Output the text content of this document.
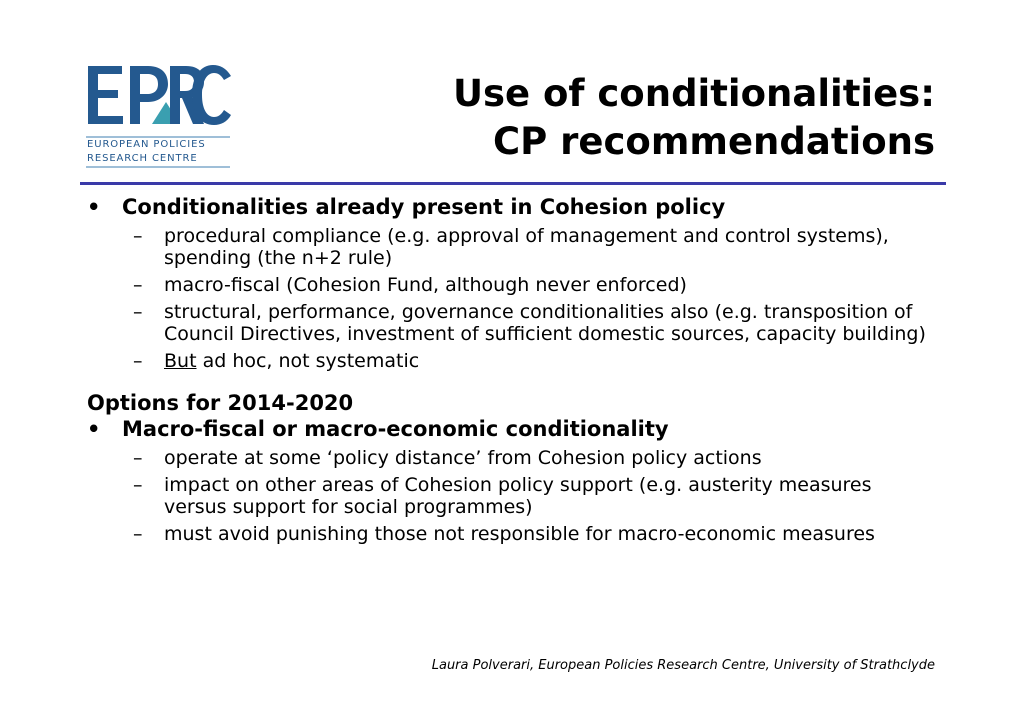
EUROPEAN POLICIES
RESEARCH CENTRE
Use of conditionalities:
CP recommendations
• Conditionalities already present in Cohesion policy
– procedural compliance (e.g. approval of management and control systems), spending (the n+2 rule)
– macro-fiscal (Cohesion Fund, although never enforced)
– structural, performance, governance conditionalities also (e.g. transposition of Council Directives, investment of sufficient domestic sources, capacity building)
– But ad hoc, not systematic
Options for 2014-2020
• Macro-fiscal or macro-economic conditionality
– operate at some ‘policy distance’ from Cohesion policy actions
– impact on other areas of Cohesion policy support (e.g. austerity measures versus support for social programmes)
– must avoid punishing those not responsible for macro-economic measures
Laura Polverari, European Policies Research Centre, University of Strathclyde
